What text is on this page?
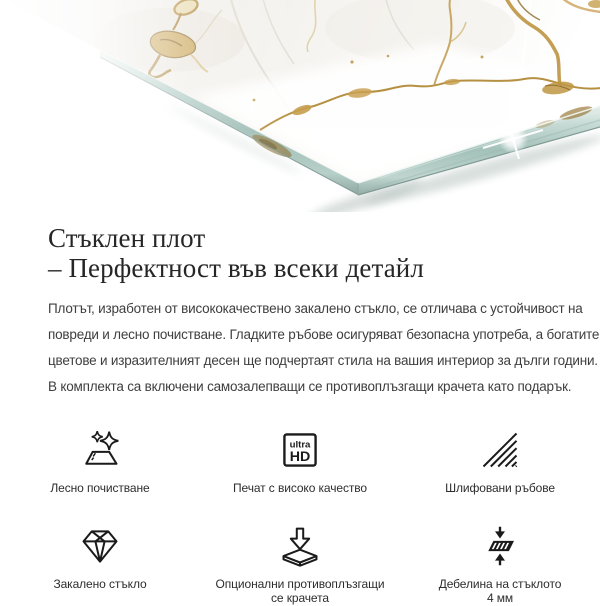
Стъклен плот
– Перфектност във всеки детайл
Плотът, изработен от висококачествено закалено стъкло, се отличава с устойчивост на
повреди и лесно почистване. Гладките ръбове осигуряват безопасна употреба, а богатите
цветове и изразителният десен ще подчертаят стила на вашия интериор за дълги години.
В комплекта са включени самозалепващи се противоплъзгащи крачета като подарък.
Лесно почистване
ultra
HD
Печат с високо качество	Шлифовани ръбове
Закалено стъкло	Опционални противоплъзгащи
се крачета
Дебелина на стъклото
4 мм
